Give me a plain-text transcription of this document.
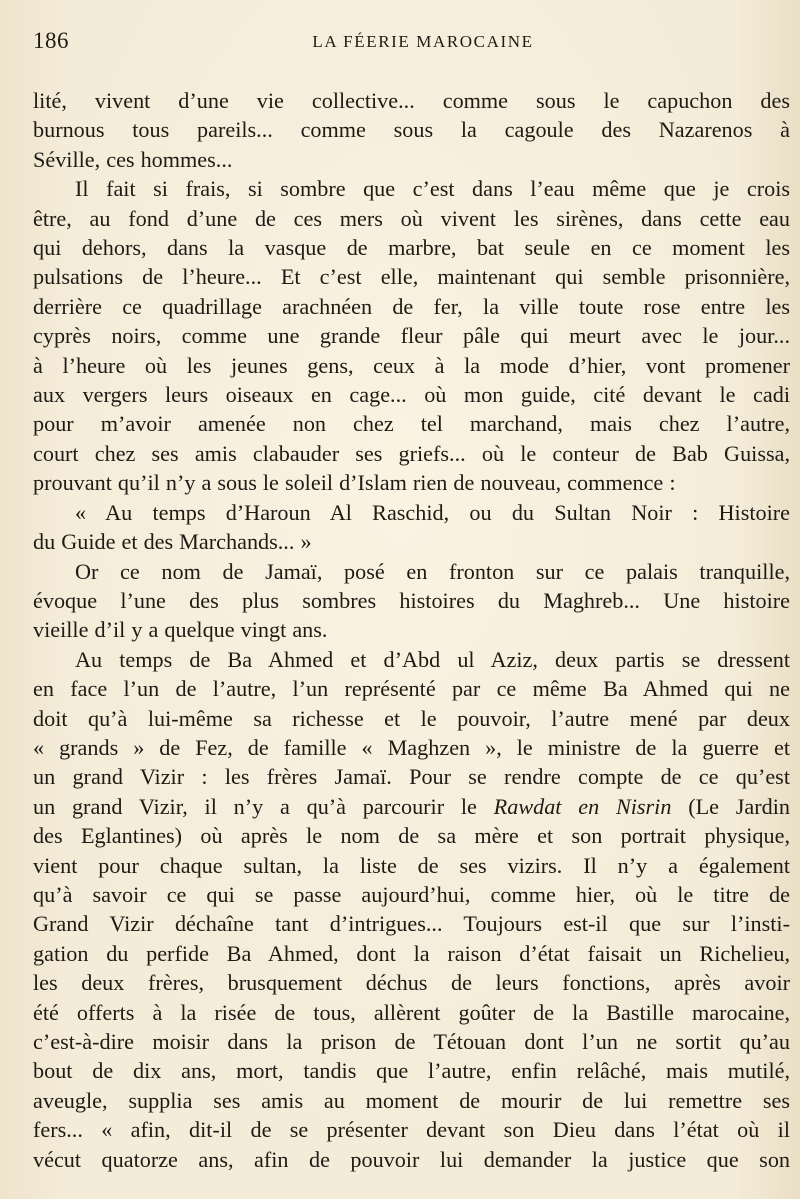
186	LA FÉERIE MAROCAINE

lité, vivent d’une vie collective... comme sous le capuchon des
burnous tous pareils... comme sous la cagoule des Nazarenos à
Séville, ces hommes...

Il fait si frais, si sombre que c’est dans l’eau même que je crois
être, au fond d’une de ces mers où vivent les sirènes, dans cette eau
qui dehors, dans la vasque de marbre, bat seule en ce moment les
pulsations de l’heure... Et c’est elle, maintenant qui semble prisonnière,
derrière ce quadrillage arachnéen de fer, la ville toute rose entre les
cyprès noirs, comme une grande fleur pâle qui meurt avec le jour...
à l’heure où les jeunes gens, ceux à la mode d’hier, vont promener
aux vergers leurs oiseaux en cage... où mon guide, cité devant le cadi
pour m’avoir amenée non chez tel marchand, mais chez l’autre,
court chez ses amis clabauder ses griefs... où le conteur de Bab Guissa,
prouvant qu’il n’y a sous le soleil d’Islam rien de nouveau, commence :

« Au temps d’Haroun Al Raschid, ou du Sultan Noir : Histoire
du Guide et des Marchands... »

Or ce nom de Jamaï, posé en fronton sur ce palais tranquille,
évoque l’une des plus sombres histoires du Maghreb... Une histoire
vieille d’il y a quelque vingt ans.

Au temps de Ba Ahmed et d’Abd ul Aziz, deux partis se dressent
en face l’un de l’autre, l’un représenté par ce même Ba Ahmed qui ne
doit qu’à lui-même sa richesse et le pouvoir, l’autre mené par deux
« grands » de Fez, de famille « Maghzen », le ministre de la guerre et
un grand Vizir : les frères Jamaï. Pour se rendre compte de ce qu’est
un grand Vizir, il n’y a qu’à parcourir le Rawdat en Nisrin (Le Jardin
des Eglantines) où après le nom de sa mère et son portrait physique,
vient pour chaque sultan, la liste de ses vizirs. Il n’y a également
qu’à savoir ce qui se passe aujourd’hui, comme hier, où le titre de
Grand Vizir déchaîne tant d’intrigues... Toujours est-il que sur l’insti-
gation du perfide Ba Ahmed, dont la raison d’état faisait un Richelieu,
les deux frères, brusquement déchus de leurs fonctions, après avoir
été offerts à la risée de tous, allèrent goûter de la Bastille marocaine,
c’est-à-dire moisir dans la prison de Tétouan dont l’un ne sortit qu’au
bout de dix ans, mort, tandis que l’autre, enfin relâché, mais mutilé,
aveugle, supplia ses amis au moment de mourir de lui remettre ses
fers... « afin, dit-il de se présenter devant son Dieu dans l’état où il
vécut quatorze ans, afin de pouvoir lui demander la justice que son
